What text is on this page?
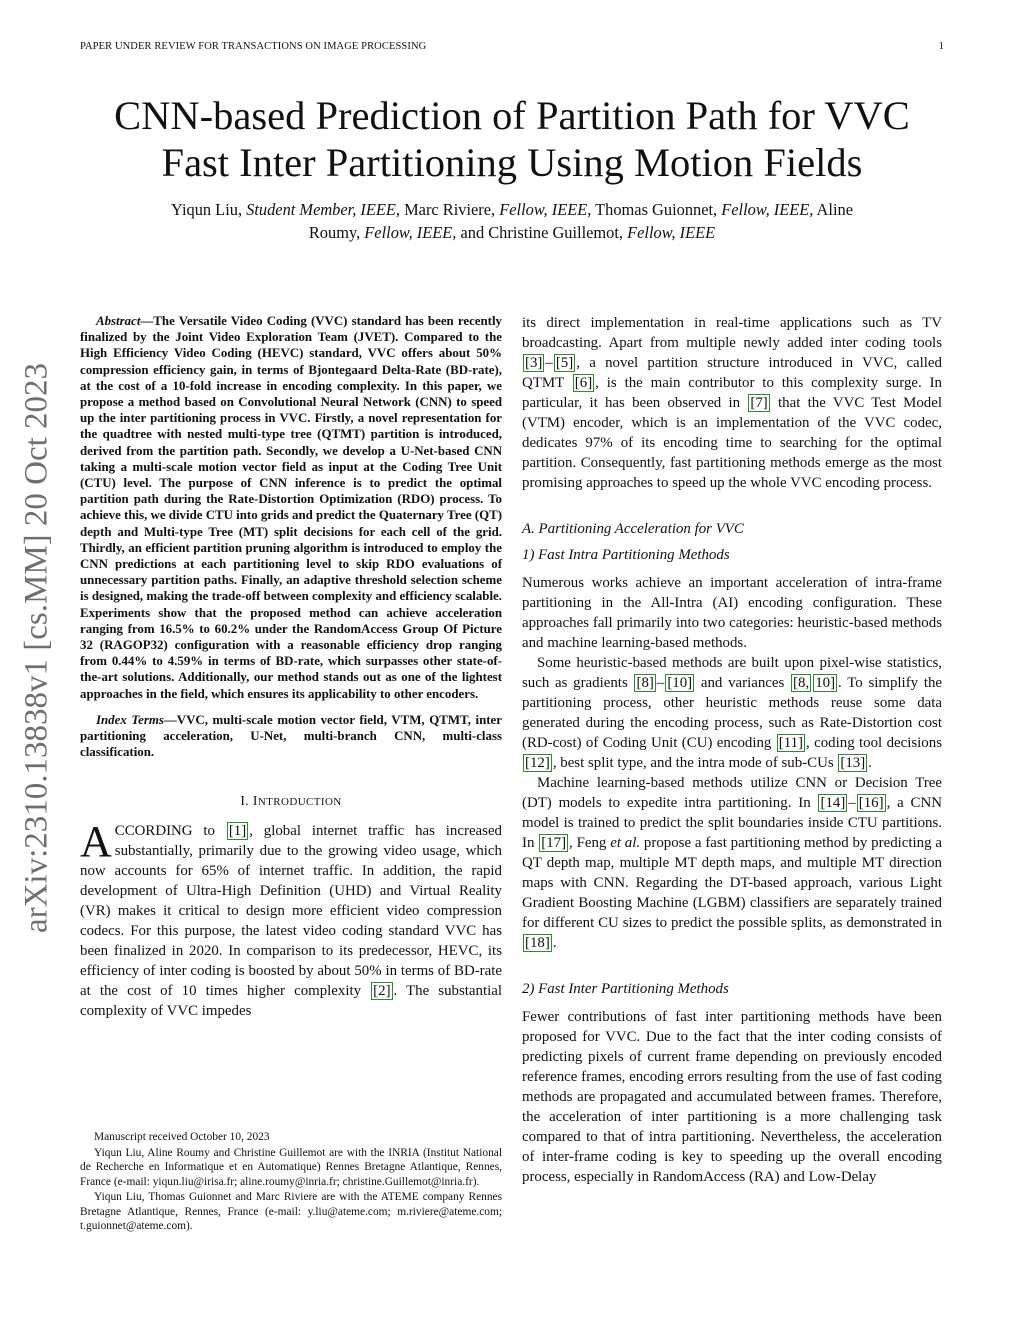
PAPER UNDER REVIEW FOR TRANSACTIONS ON IMAGE PROCESSING	1
arXiv:2310.13838v1 [cs.MM] 20 Oct 2023
CNN-based Prediction of Partition Path for VVC
Fast Inter Partitioning Using Motion Fields
Yiqun Liu, Student Member, IEEE, Marc Riviere, Fellow, IEEE, Thomas Guionnet, Fellow, IEEE, Aline
Roumy, Fellow, IEEE, and Christine Guillemot, Fellow, IEEE

Abstract—The Versatile Video Coding (VVC) standard has been recently finalized by the Joint Video Exploration Team (JVET). Compared to the High Efficiency Video Coding (HEVC) standard, VVC offers about 50% compression efficiency gain, in terms of Bjontegaard Delta-Rate (BD-rate), at the cost of a 10-fold increase in encoding complexity. In this paper, we propose a method based on Convolutional Neural Network (CNN) to speed up the inter partitioning process in VVC. Firstly, a novel representation for the quadtree with nested multi-type tree (QTMT) partition is introduced, derived from the partition path. Secondly, we develop a U-Net-based CNN taking a multi-scale motion vector field as input at the Coding Tree Unit (CTU) level. The purpose of CNN inference is to predict the optimal partition path during the Rate-Distortion Optimization (RDO) process. To achieve this, we divide CTU into grids and predict the Quaternary Tree (QT) depth and Multi-type Tree (MT) split decisions for each cell of the grid. Thirdly, an efficient partition pruning algorithm is introduced to employ the CNN predictions at each partitioning level to skip RDO evaluations of unnecessary partition paths. Finally, an adaptive threshold selection scheme is designed, making the trade-off between complexity and efficiency scalable. Experiments show that the proposed method can achieve acceleration ranging from 16.5% to 60.2% under the RandomAccess Group Of Picture 32 (RAGOP32) configuration with a reasonable efficiency drop ranging from 0.44% to 4.59% in terms of BD-rate, which surpasses other state-of-the-art solutions. Additionally, our method stands out as one of the lightest approaches in the field, which ensures its applicability to other encoders.

Index Terms—VVC, multi-scale motion vector field, VTM, QTMT, inter partitioning acceleration, U-Net, multi-branch CNN, multi-class classification.

I. INTRODUCTION

ACCORDING to [1] , global internet traffic has increased substantially, primarily due to the growing video usage, which now accounts for 65% of internet traffic. In addition, the rapid development of Ultra-High Definition (UHD) and Virtual Reality (VR) makes it critical to design more efficient video compression codecs. For this purpose, the latest video coding standard VVC has been finalized in 2020. In comparison to its predecessor, HEVC, its efficiency of inter coding is boosted by about 50% in terms of BD-rate at the cost of 10 times higher complexity [2] . The substantial complexity of VVC impedes

Manuscript received October 10, 2023

Yiqun Liu, Aline Roumy and Christine Guillemot are with the INRIA (Institut National de Recherche en Informatique et en Automatique) Rennes Bretagne Atlantique, Rennes, France (e-mail: yiqun.liu@irisa.fr; aline.roumy@inria.fr; christine.Guillemot@inria.fr).

Yiqun Liu, Thomas Guionnet and Marc Riviere are with the ATEME company Rennes Bretagne Atlantique, Rennes, France (e-mail: y.liu@ateme.com; m.riviere@ateme.com; t.guionnet@ateme.com).

its direct implementation in real-time applications such as TV broadcasting. Apart from multiple newly added inter coding tools [3] – [5] , a novel partition structure introduced in VVC, called QTMT [6] , is the main contributor to this complexity surge. In particular, it has been observed in [7] that the VVC Test Model (VTM) encoder, which is an implementation of the VVC codec, dedicates 97% of its encoding time to searching for the optimal partition. Consequently, fast partitioning methods emerge as the most promising approaches to speed up the whole VVC encoding process.

A. Partitioning Acceleration for VVC
1) Fast Intra Partitioning Methods

Numerous works achieve an important acceleration of intra-frame partitioning in the All-Intra (AI) encoding configuration. These approaches fall primarily into two categories: heuristic-based methods and machine learning-based methods.

Some heuristic-based methods are built upon pixel-wise statistics, such as gradients [8] – [10] and variances [8, 10] . To simplify the partitioning process, other heuristic methods reuse some data generated during the encoding process, such as Rate-Distortion cost (RD-cost) of Coding Unit (CU) encoding [11] , coding tool decisions [12] , best split type, and the intra mode of sub-CUs [13] .

Machine learning-based methods utilize CNN or Decision Tree (DT) models to expedite intra partitioning. In [14] – [16] , a CNN model is trained to predict the split boundaries inside CTU partitions. In [17] , Feng et al. propose a fast partitioning method by predicting a QT depth map, multiple MT depth maps, and multiple MT direction maps with CNN. Regarding the DT-based approach, various Light Gradient Boosting Machine (LGBM) classifiers are separately trained for different CU sizes to predict the possible splits, as demonstrated in [18] .

2) Fast Inter Partitioning Methods

Fewer contributions of fast inter partitioning methods have been proposed for VVC. Due to the fact that the inter coding consists of predicting pixels of current frame depending on previously encoded reference frames, encoding errors resulting from the use of fast coding methods are propagated and accumulated between frames. Therefore, the acceleration of inter partitioning is a more challenging task compared to that of intra partitioning. Nevertheless, the acceleration of inter-frame coding is key to speeding up the overall encoding process, especially in RandomAccess (RA) and Low-Delay
